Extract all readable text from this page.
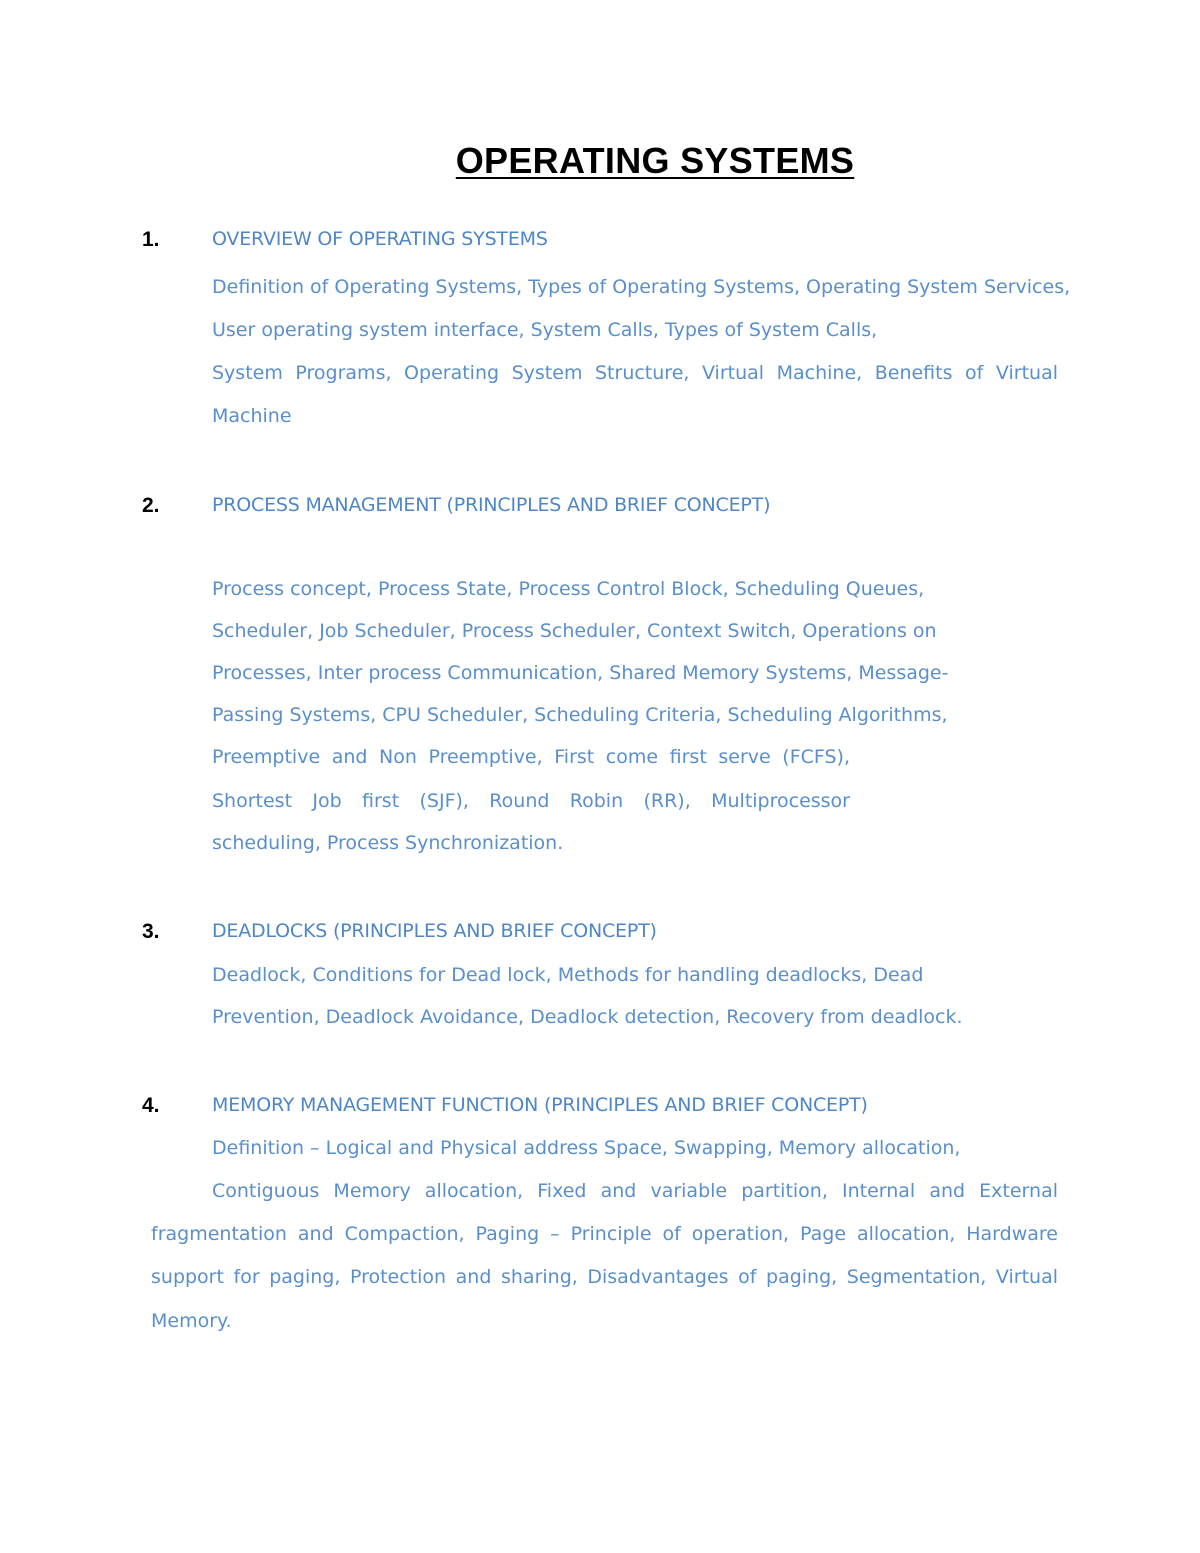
OPERATING SYSTEMS
1.	OVERVIEW OF OPERATING SYSTEMS
Definition of Operating Systems, Types of Operating Systems, Operating System Services,
User operating system interface, System Calls, Types of System Calls,
System Programs, Operating System Structure, Virtual Machine, Benefits of Virtual
Machine
2.	PROCESS MANAGEMENT (PRINCIPLES AND BRIEF CONCEPT)
Process concept, Process State, Process Control Block, Scheduling Queues,
Scheduler, Job Scheduler, Process Scheduler, Context Switch, Operations on
Processes, Inter process Communication, Shared Memory Systems, Message-
Passing Systems, CPU Scheduler, Scheduling Criteria, Scheduling Algorithms,
Preemptive and Non Preemptive, First come first serve (FCFS),
Shortest Job first (SJF), Round Robin (RR), Multiprocessor
scheduling, Process Synchronization.
3.	DEADLOCKS (PRINCIPLES AND BRIEF CONCEPT)
Deadlock, Conditions for Dead lock, Methods for handling deadlocks, Dead
Prevention, Deadlock Avoidance, Deadlock detection, Recovery from deadlock.
4.	MEMORY MANAGEMENT FUNCTION (PRINCIPLES AND BRIEF CONCEPT)
Definition – Logical and Physical address Space, Swapping, Memory allocation,
Contiguous Memory allocation, Fixed and variable partition, Internal and External
fragmentation and Compaction, Paging – Principle of operation, Page allocation, Hardware
support for paging, Protection and sharing, Disadvantages of paging, Segmentation, Virtual
Memory.
